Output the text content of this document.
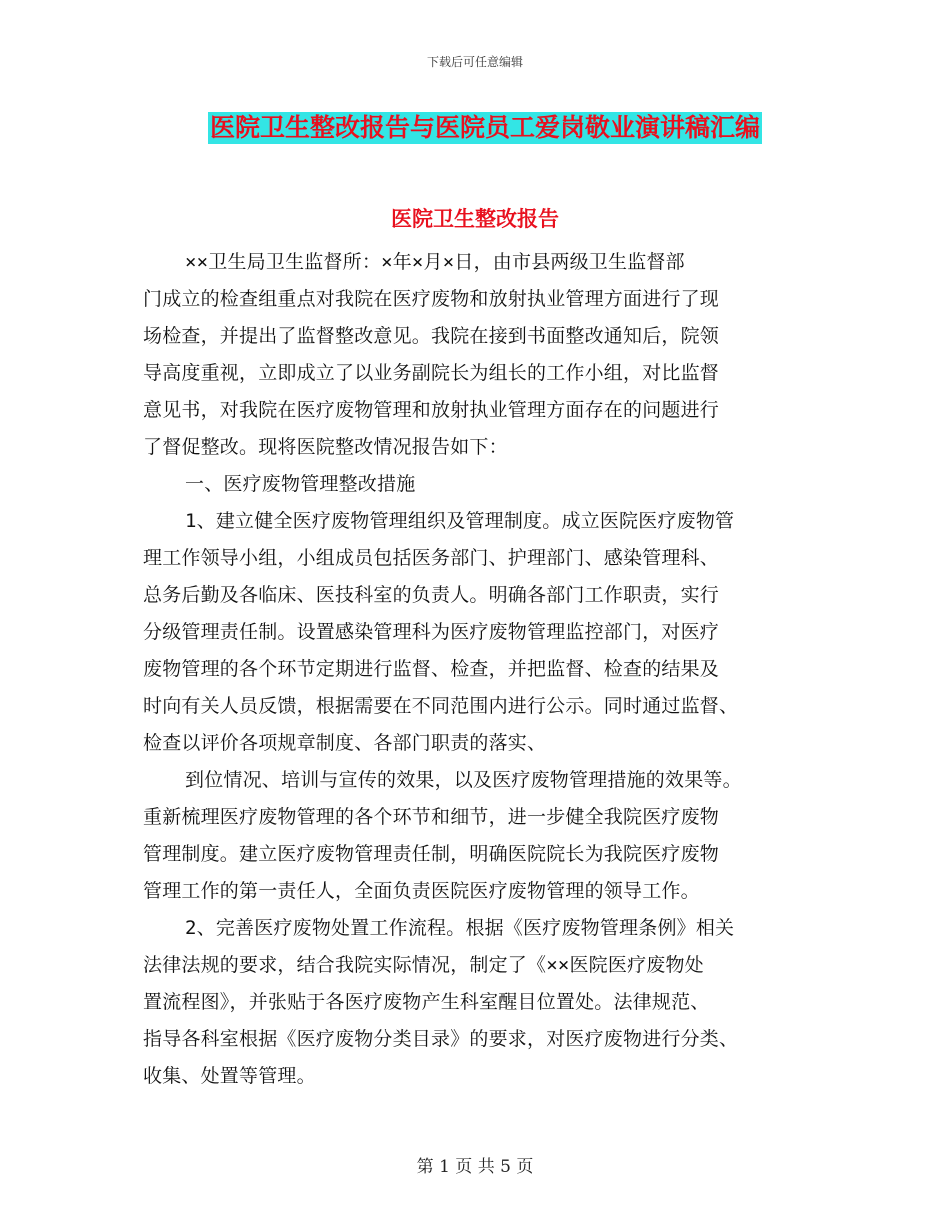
下载后可任意编辑
医院卫生整改报告与医院员工爱岗敬业演讲稿汇编
医院卫生整改报告
××卫生局卫生监督所：×年×月×日，由市县两级卫生监督部
门成立的检查组重点对我院在医疗废物和放射执业管理方面进行了现
场检查，并提出了监督整改意见。我院在接到书面整改通知后，院领
导高度重视，立即成立了以业务副院长为组长的工作小组，对比监督
意见书，对我院在医疗废物管理和放射执业管理方面存在的问题进行
了督促整改。现将医院整改情况报告如下：
一、医疗废物管理整改措施
1、建立健全医疗废物管理组织及管理制度。成立医院医疗废物管
理工作领导小组，小组成员包括医务部门、护理部门、感染管理科、
总务后勤及各临床、医技科室的负责人。明确各部门工作职责，实行
分级管理责任制。设置感染管理科为医疗废物管理监控部门，对医疗
废物管理的各个环节定期进行监督、检查，并把监督、检查的结果及
时向有关人员反馈，根据需要在不同范围内进行公示。同时通过监督、
检查以评价各项规章制度、各部门职责的落实、
到位情况、培训与宣传的效果，以及医疗废物管理措施的效果等。
重新梳理医疗废物管理的各个环节和细节，进一步健全我院医疗废物
管理制度。建立医疗废物管理责任制，明确医院院长为我院医疗废物
管理工作的第一责任人，全面负责医院医疗废物管理的领导工作。
2、完善医疗废物处置工作流程。根据《医疗废物管理条例》相关
法律法规的要求，结合我院实际情况，制定了《××医院医疗废物处
置流程图》，并张贴于各医疗废物产生科室醒目位置处。法律规范、
指导各科室根据《医疗废物分类目录》的要求，对医疗废物进行分类、
收集、处置等管理。
第 1 页 共 5 页
